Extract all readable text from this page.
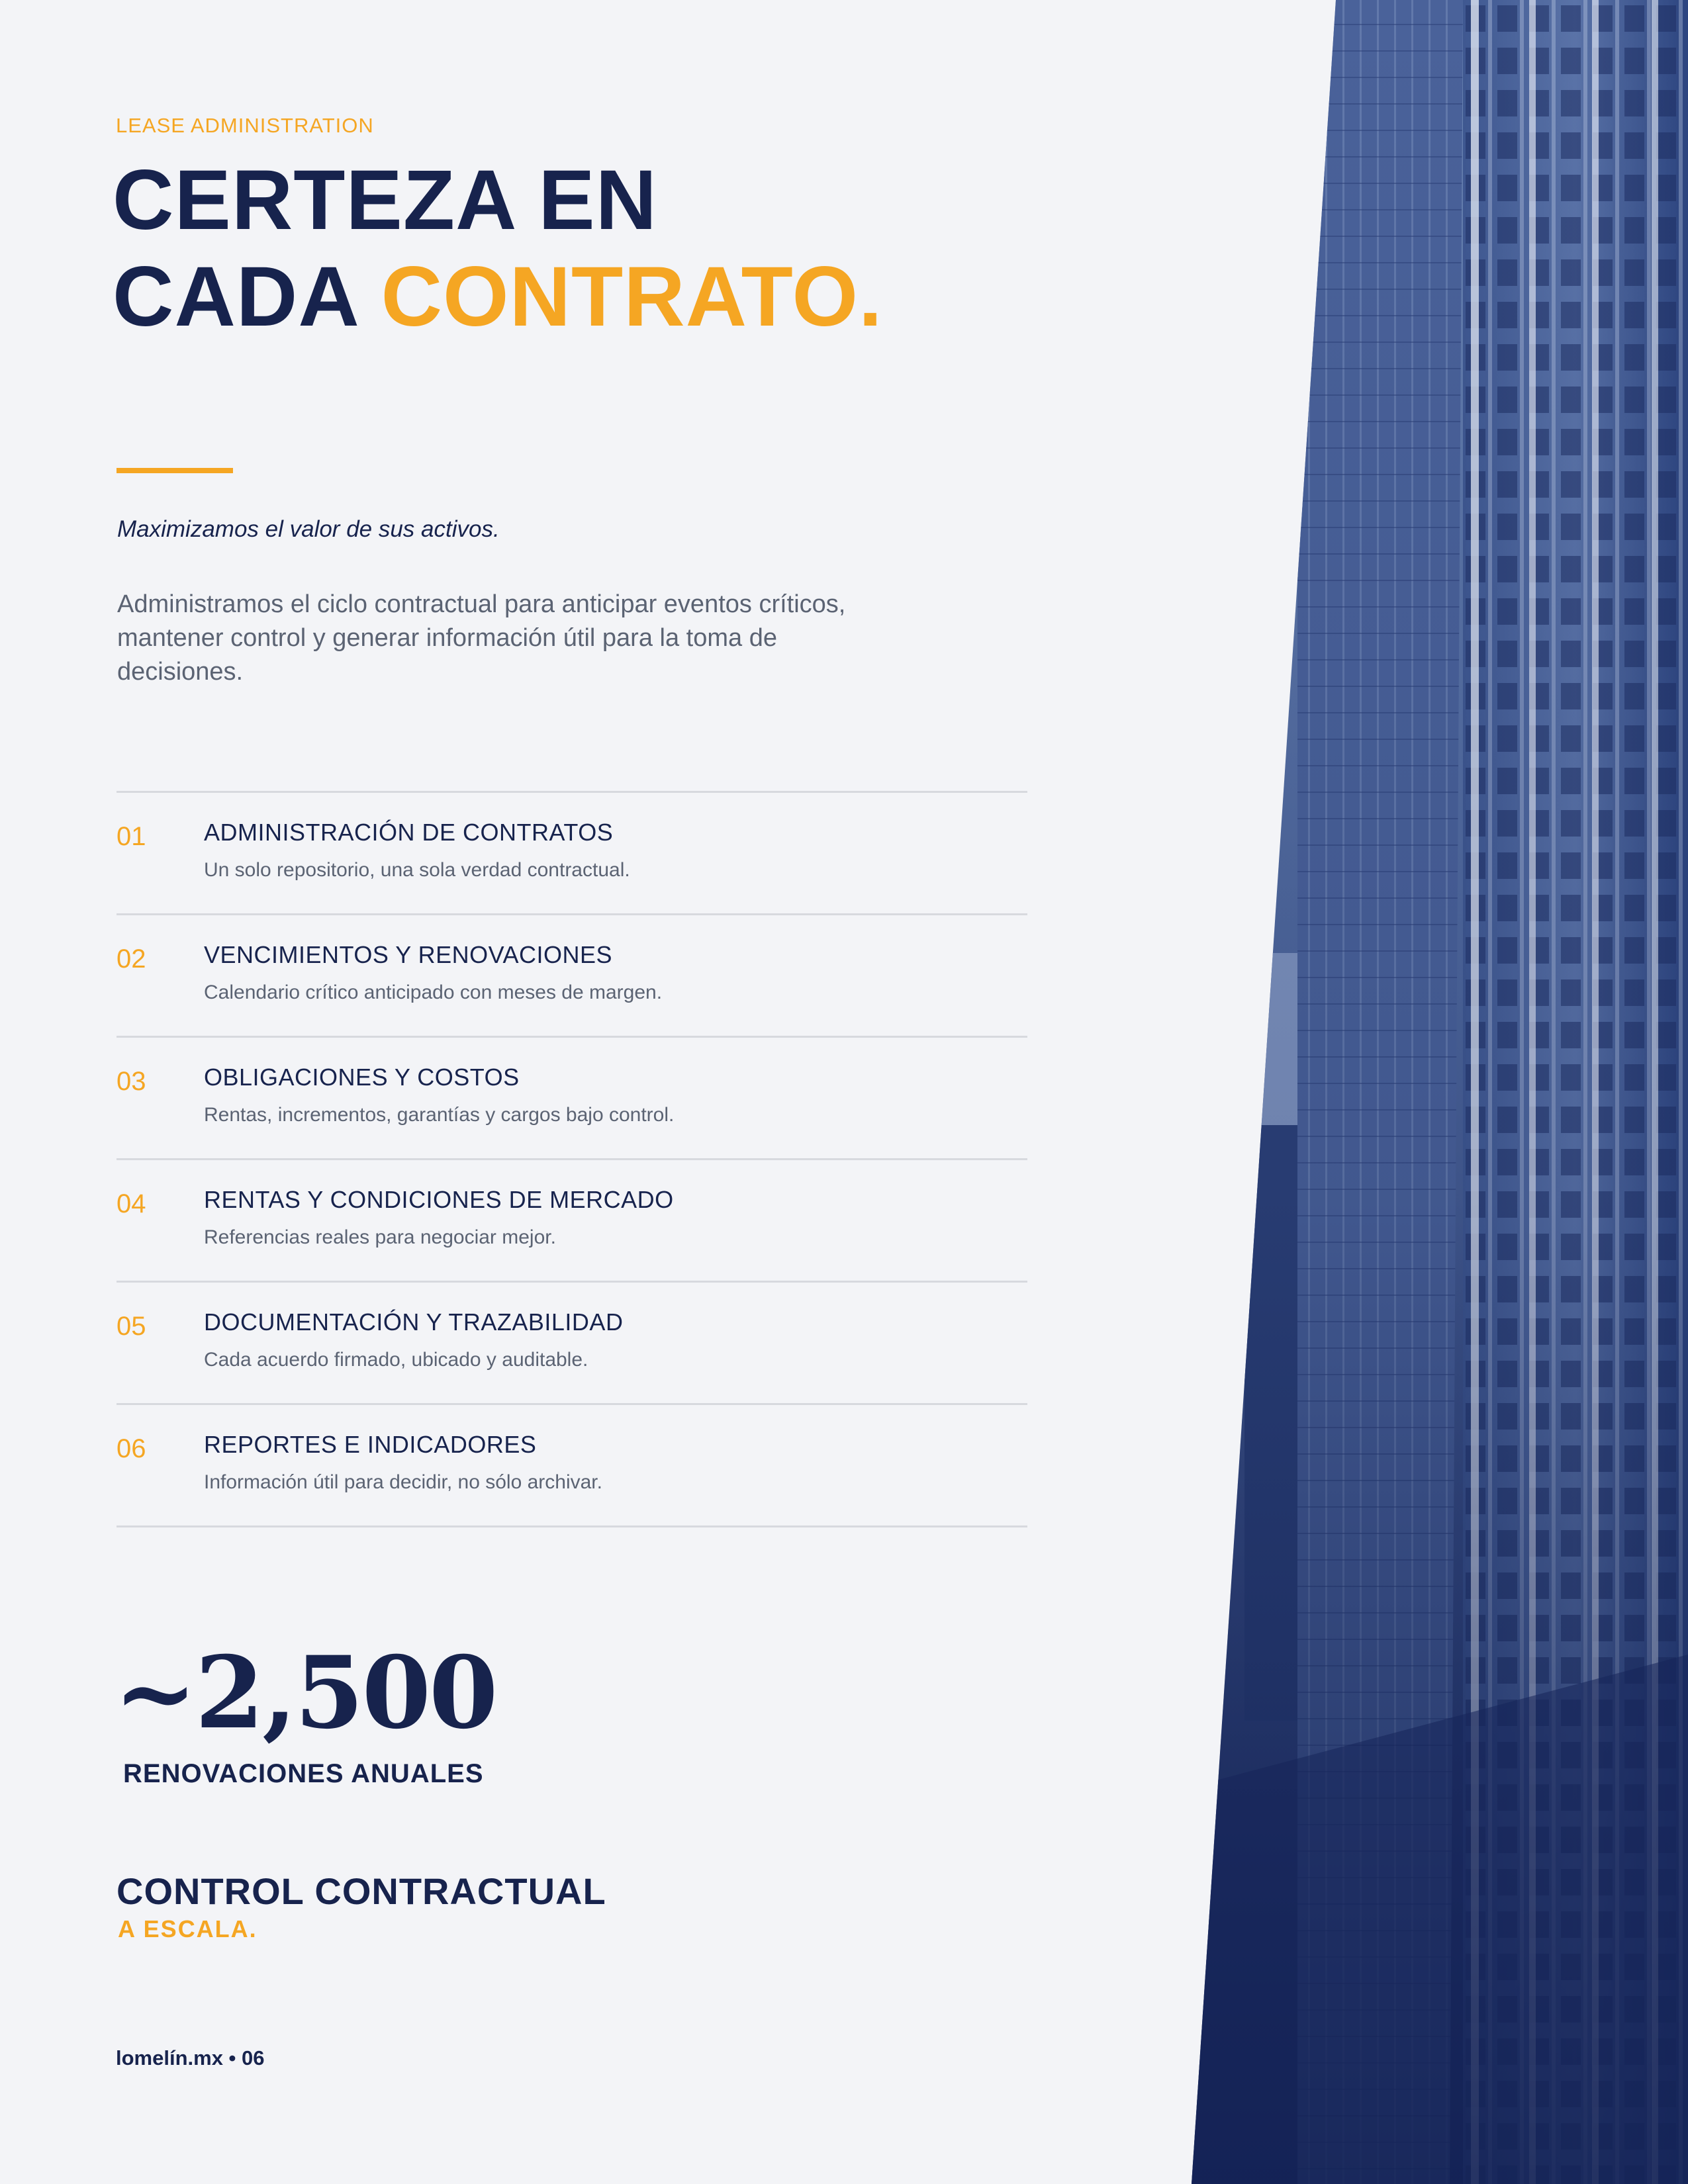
LEASE ADMINISTRATION
CERTEZA EN
CADA CONTRATO.
Maximizamos el valor de sus activos.

Administramos el ciclo contractual para anticipar eventos críticos, mantener control y generar información útil para la toma de decisiones.

01 ADMINISTRACIÓN DE CONTRATOS
Un solo repositorio, una sola verdad contractual.
02 VENCIMIENTOS Y RENOVACIONES
Calendario crítico anticipado con meses de margen.
03 OBLIGACIONES Y COSTOS
Rentas, incrementos, garantías y cargos bajo control.
04 RENTAS Y CONDICIONES DE MERCADO
Referencias reales para negociar mejor.
05 DOCUMENTACIÓN Y TRAZABILIDAD
Cada acuerdo firmado, ubicado y auditable.
06 REPORTES E INDICADORES
Información útil para decidir, no sólo archivar.
~2,500
RENOVACIONES ANUALES
CONTROL CONTRACTUAL
A ESCALA.
lomelín.mx • 06
